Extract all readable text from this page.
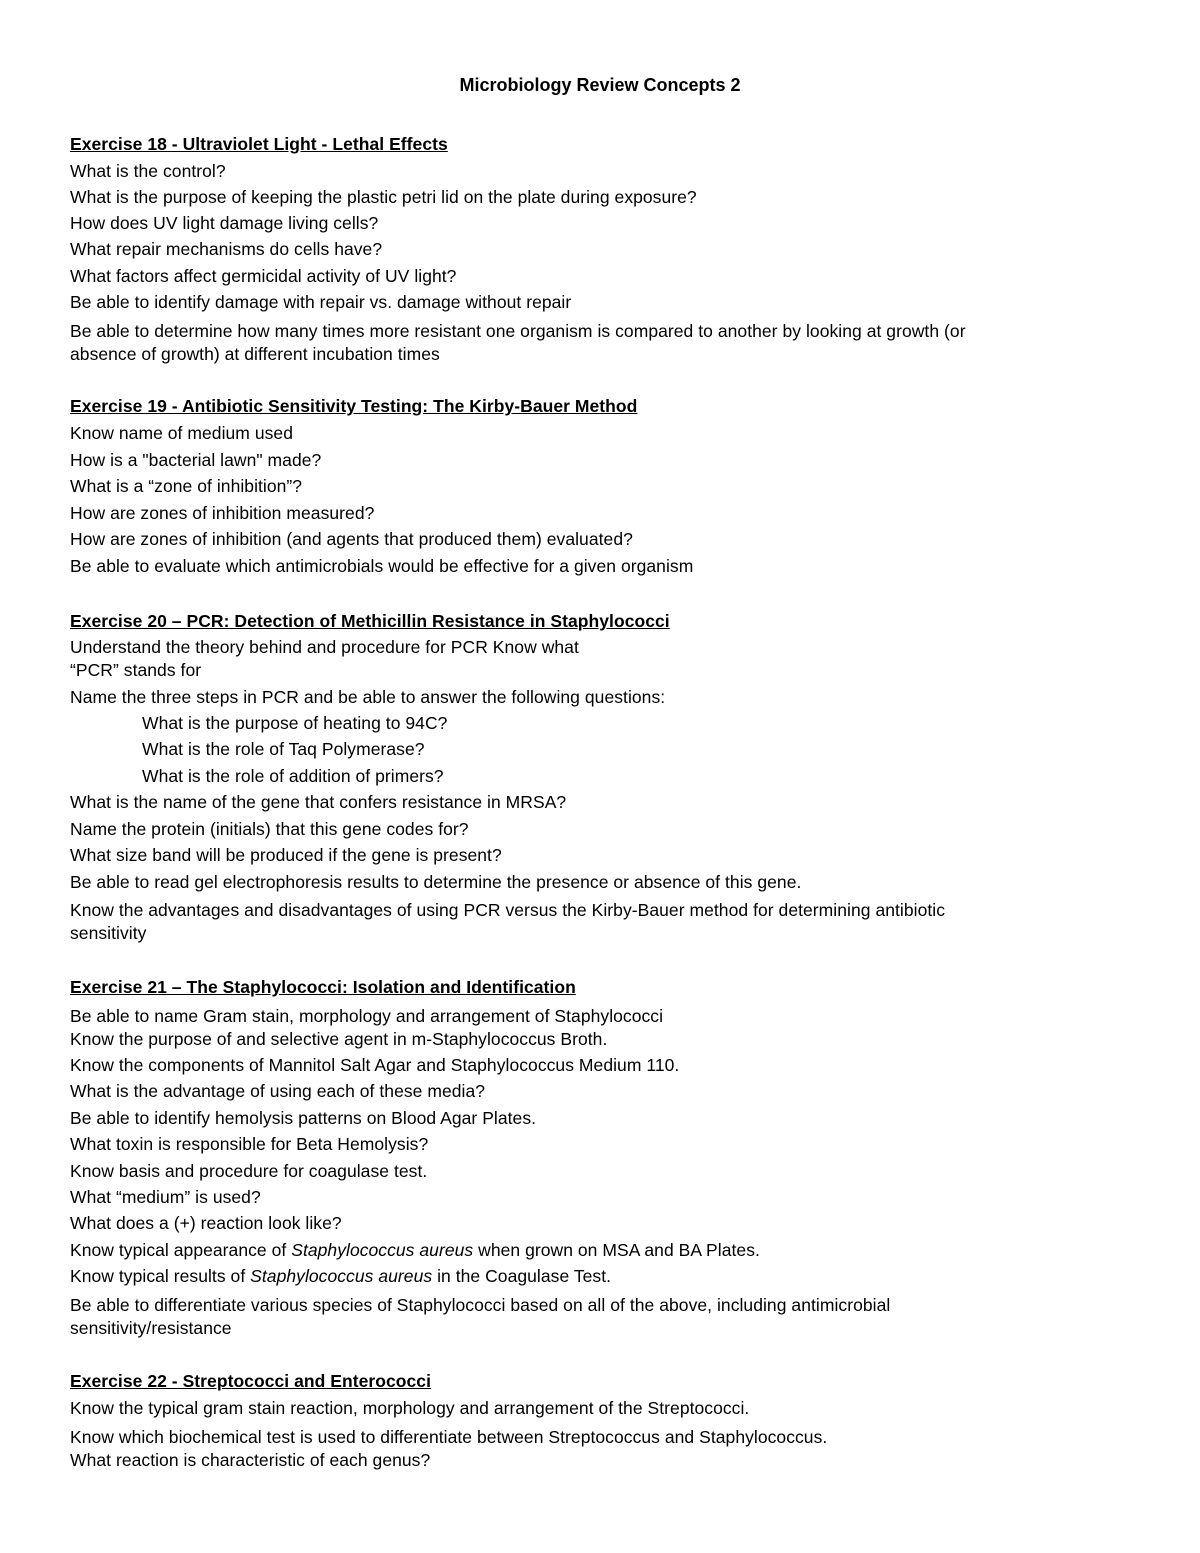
Microbiology Review Concepts 2
Exercise 18 - Ultraviolet Light - Lethal Effects
What is the control?
What is the purpose of keeping the plastic petri lid on the plate during exposure?
How does UV light damage living cells?
What repair mechanisms do cells have?
What factors affect germicidal activity of UV light?
Be able to identify damage with repair vs. damage without repair
Be able to determine how many times more resistant one organism is compared to another by looking at growth (or
absence of growth) at different incubation times
Exercise 19 - Antibiotic Sensitivity Testing: The Kirby-Bauer Method
Know name of medium used
How is a "bacterial lawn" made?
What is a “zone of inhibition”?
How are zones of inhibition measured?
How are zones of inhibition (and agents that produced them) evaluated?
Be able to evaluate which antimicrobials would be effective for a given organism
Exercise 20 – PCR: Detection of Methicillin Resistance in Staphylococci
Understand the theory behind and procedure for PCR Know what
“PCR” stands for
Name the three steps in PCR and be able to answer the following questions:
What is the purpose of heating to 94C?
What is the role of Taq Polymerase?
What is the role of addition of primers?
What is the name of the gene that confers resistance in MRSA?
Name the protein (initials) that this gene codes for?
What size band will be produced if the gene is present?
Be able to read gel electrophoresis results to determine the presence or absence of this gene.
Know the advantages and disadvantages of using PCR versus the Kirby-Bauer method for determining antibiotic
sensitivity
Exercise 21 – The Staphylococci: Isolation and Identification
Be able to name Gram stain, morphology and arrangement of Staphylococci
Know the purpose of and selective agent in m-Staphylococcus Broth.
Know the components of Mannitol Salt Agar and Staphylococcus Medium 110.
What is the advantage of using each of these media?
Be able to identify hemolysis patterns on Blood Agar Plates.
What toxin is responsible for Beta Hemolysis?
Know basis and procedure for coagulase test.
What “medium” is used?
What does a (+) reaction look like?
Know typical appearance of Staphylococcus aureus when grown on MSA and BA Plates.
Know typical results of Staphylococcus aureus in the Coagulase Test.
Be able to differentiate various species of Staphylococci based on all of the above, including antimicrobial
sensitivity/resistance
Exercise 22 - Streptococci and Enterococci
Know the typical gram stain reaction, morphology and arrangement of the Streptococci.
Know which biochemical test is used to differentiate between Streptococcus and Staphylococcus.
What reaction is characteristic of each genus?
